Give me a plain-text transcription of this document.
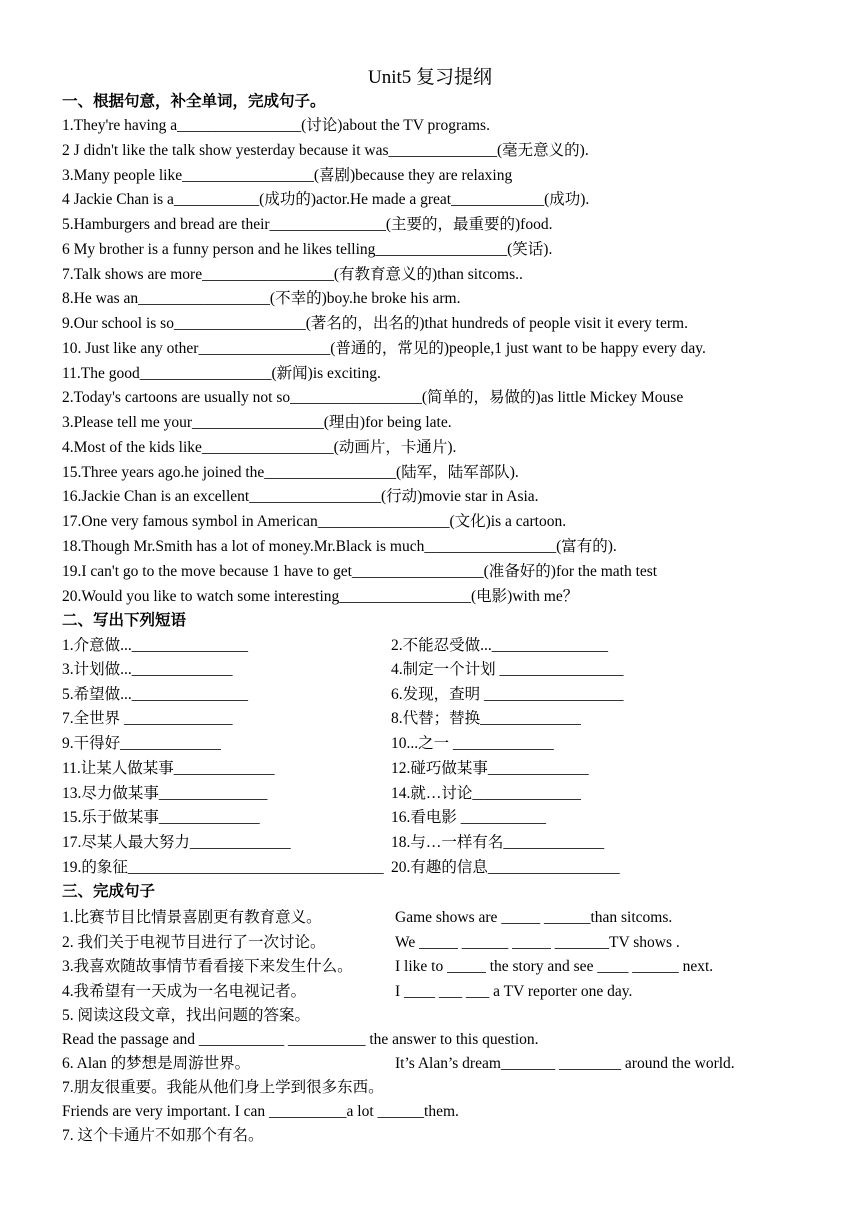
Unit5 复习提纲
一、根据句意，补全单词，完成句子。
1.They're having a________________(讨论)about the TV programs.
2 J didn't like the talk show yesterday because it was______________(毫无意义的).
3.Many people like_________________(喜剧)because they are relaxing
4 Jackie Chan is a___________(成功的)actor.He made a great____________(成功).
5.Hamburgers and bread are their_______________(主要的，最重要的)food.
6 My brother is a funny person and he likes telling_________________(笑话).
7.Talk shows are more_________________(有教育意义的)than sitcoms..
8.He was an_________________(不幸的)boy.he broke his arm.
9.Our school is so_________________(著名的，出名的)that hundreds of people visit it every term.
10. Just like any other_________________(普通的，常见的)people,1 just want to be happy every day.
11.The good_________________(新闻)is exciting.
2.Today's cartoons are usually not so_________________(简单的，易做的)as little Mickey Mouse
3.Please tell me your_________________(理由)for being late.
4.Most of the kids like_________________(动画片，卡通片).
15.Three years ago.he joined the_________________(陆军，陆军部队).
16.Jackie Chan is an excellent_________________(行动)movie star in Asia.
17.One very famous symbol in American_________________(文化)is a cartoon.
18.Though Mr.Smith has a lot of money.Mr.Black is much_________________(富有的).
19.I can't go to the move because 1 have to get_________________(准备好的)for the math test
20.Would you like to watch some interesting_________________(电影)with me？
二、写出下列短语
1.介意做..._______________	2.不能忍受做..._______________
3.计划做..._____________	4.制定一个计划 ________________
5.希望做..._______________	6.发现，查明 __________________
7.全世界 ______________	8.代替；替换_____________
9.干得好_____________	10...之一 _____________
11.让某人做某事_____________	12.碰巧做某事_____________
13.尽力做某事______________	14.就…讨论______________
15.乐于做某事_____________	16.看电影 ___________
17.尽某人最大努力_____________	18.与…一样有名_____________
19.的象征_________________________________ 20.有趣的信息_________________
三、完成句子
1.比赛节目比情景喜剧更有教育意义。	Game shows are _____ ______than sitcoms.
2. 我们关于电视节目进行了一次讨论。	We _____ ______ _____ _______TV shows .
3.我喜欢随故事情节看看接下来发生什么。	I like to _____ the story and see ____ ______ next.
4.我希望有一天成为一名电视记者。	I ____ ___ ___ a TV reporter one day.
5. 阅读这段文章，找出问题的答案。
Read the passage and ___________ __________ the answer to this question.
6. Alan 的梦想是周游世界。	It’s Alan’s dream_______ ________ around the world.
7.朋友很重要。我能从他们身上学到很多东西。
Friends are very important. I can __________a lot ______them.
7. 这个卡通片不如那个有名。
